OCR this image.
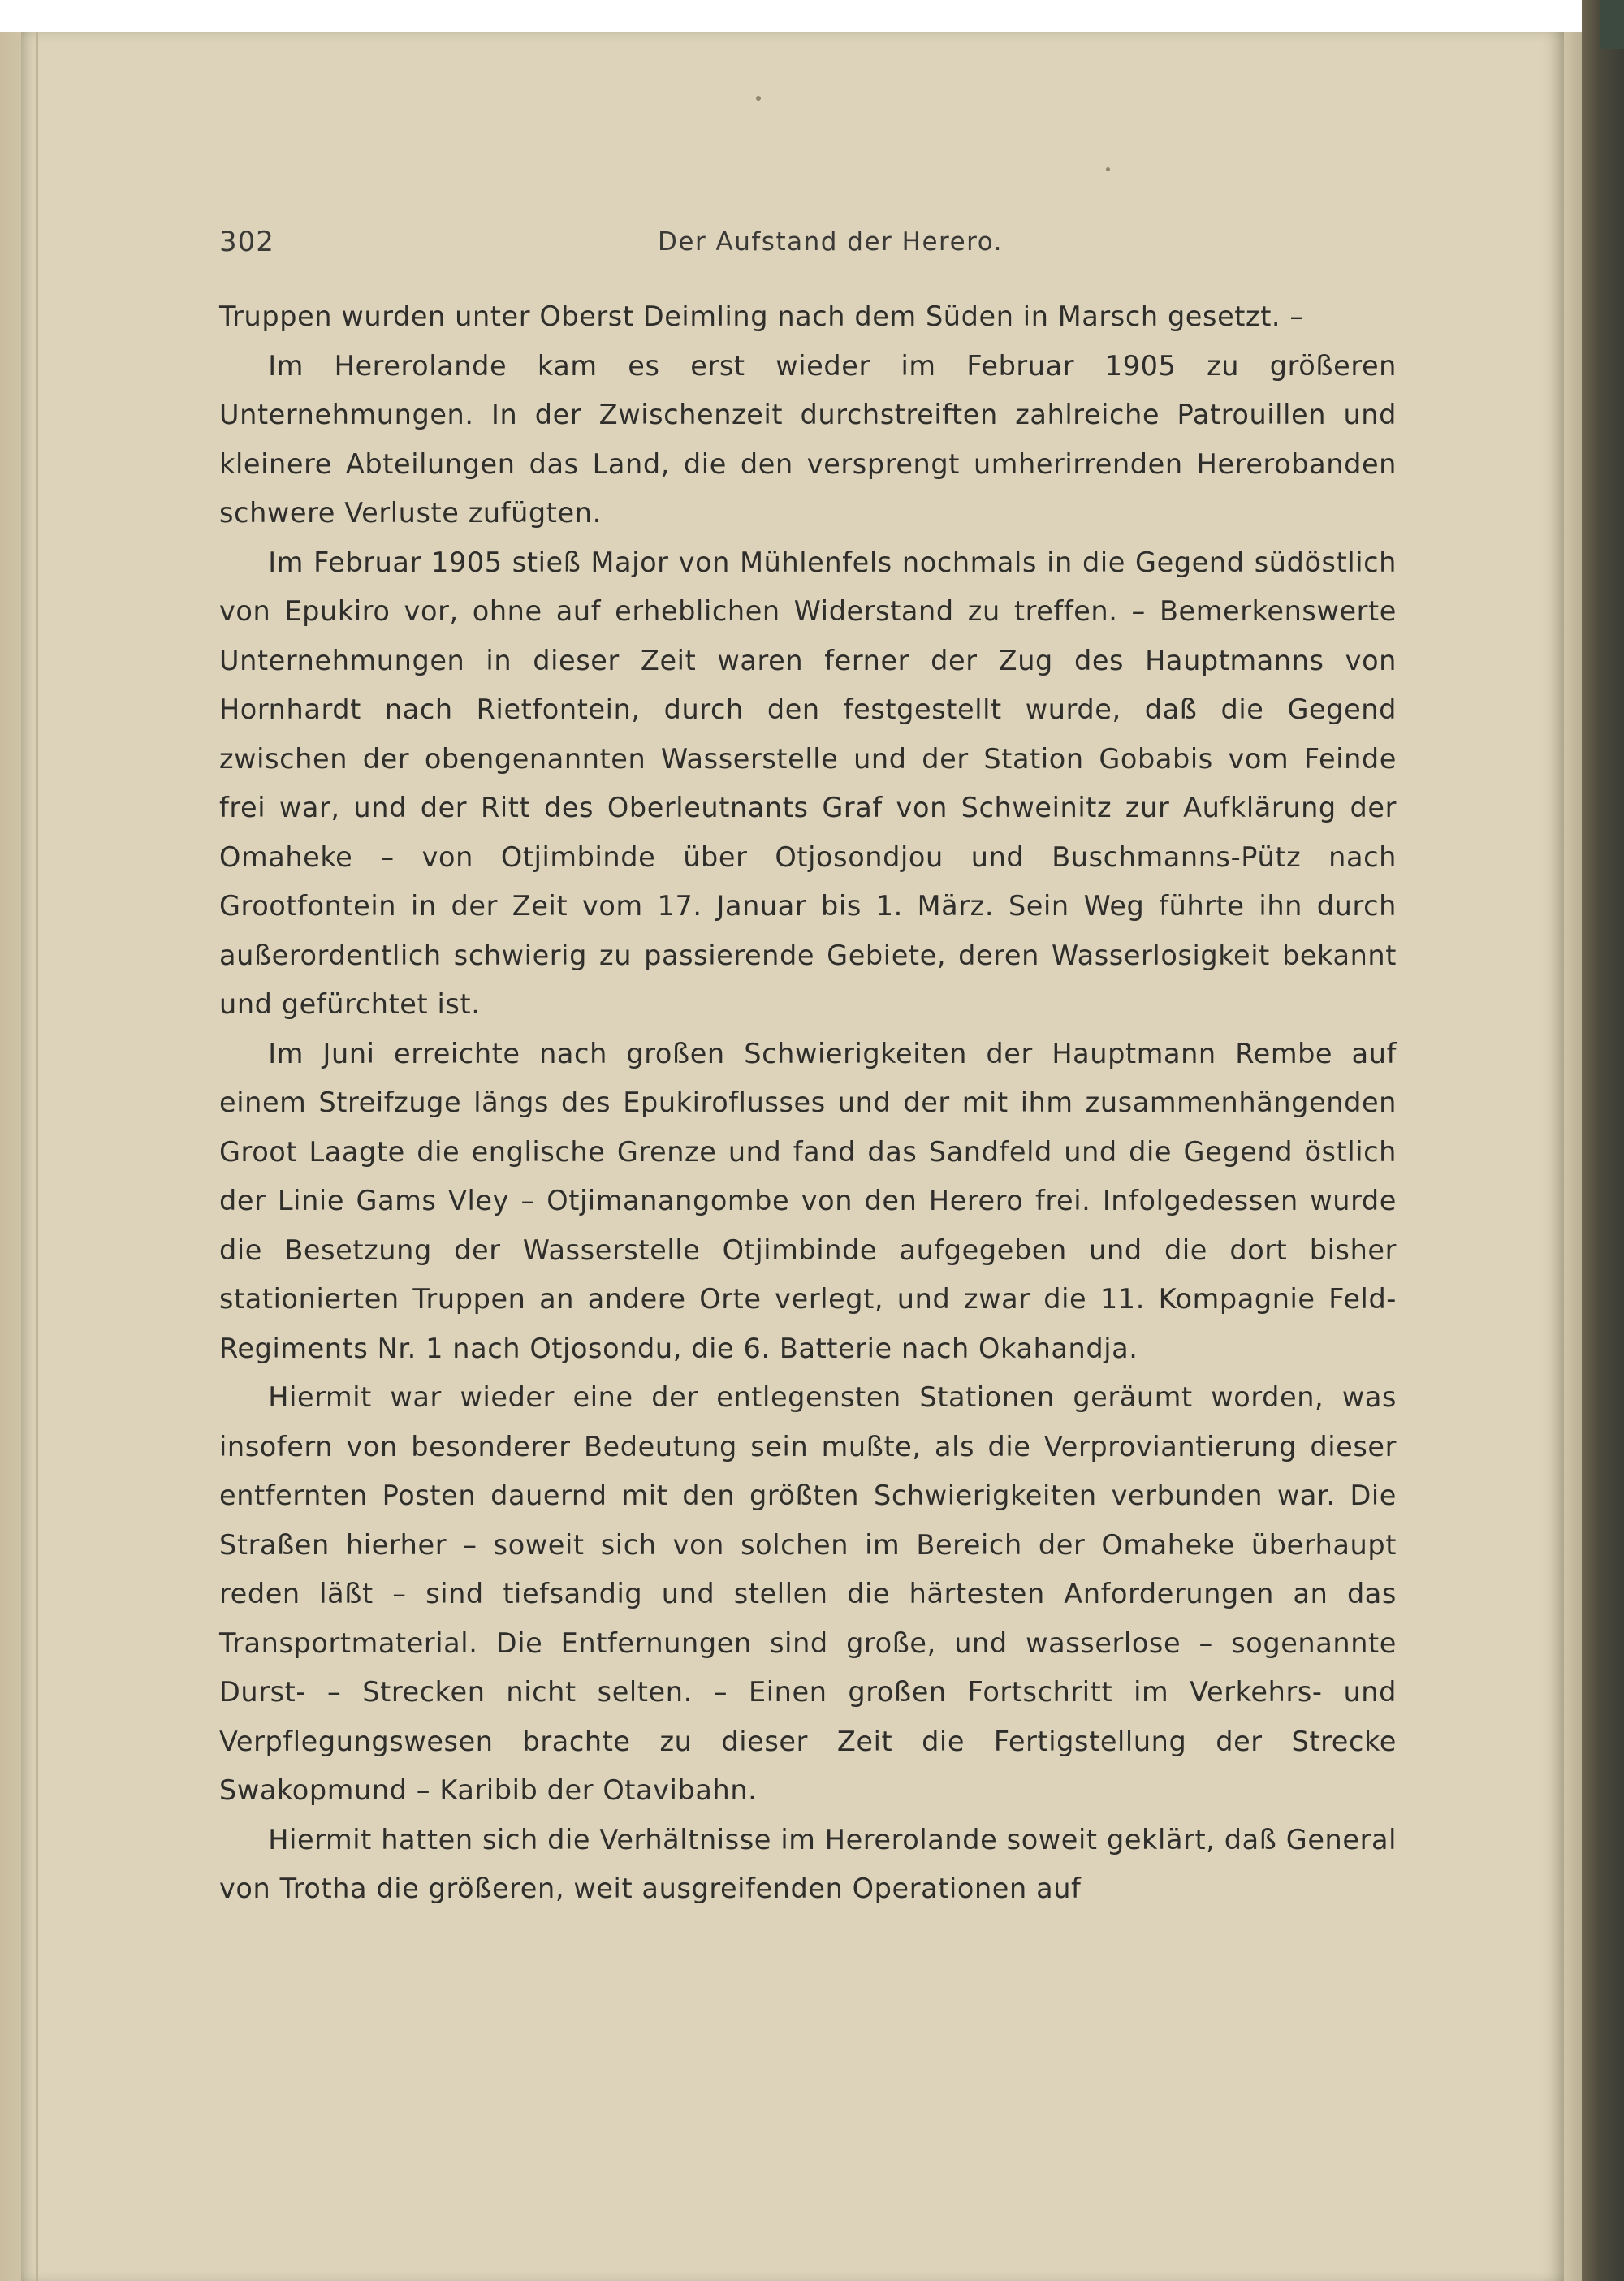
302	Der Aufstand der Herero.

Truppen wurden unter Oberst Deimling nach dem Süden in Marsch gesetzt. –

Im Hererolande kam es erst wieder im Februar 1905 zu größeren Unternehmungen. In der Zwischenzeit durchstreiften zahlreiche Patrouillen und kleinere Abteilungen das Land, die den versprengt umherirrenden Hererobanden schwere Verluste zufügten.

Im Februar 1905 stieß Major von Mühlenfels nochmals in die Gegend südöstlich von Epukiro vor, ohne auf erheblichen Widerstand zu treffen. – Bemerkenswerte Unternehmungen in dieser Zeit waren ferner der Zug des Hauptmanns von Hornhardt nach Rietfontein, durch den festgestellt wurde, daß die Gegend zwischen der obengenannten Wasserstelle und der Station Gobabis vom Feinde frei war, und der Ritt des Oberleutnants Graf von Schweinitz zur Aufklärung der Omaheke – von Otjimbinde über Otjosondjou und Buschmanns-Pütz nach Grootfontein in der Zeit vom 17. Januar bis 1. März. Sein Weg führte ihn durch außerordentlich schwierig zu passierende Gebiete, deren Wasserlosigkeit bekannt und gefürchtet ist.

Im Juni erreichte nach großen Schwierigkeiten der Hauptmann Rembe auf einem Streifzuge längs des Epukiroflusses und der mit ihm zusammenhängenden Groot Laagte die englische Grenze und fand das Sandfeld und die Gegend östlich der Linie Gams Vley – Otjimanangombe von den Herero frei. Infolgedessen wurde die Besetzung der Wasserstelle Otjimbinde aufgegeben und die dort bisher stationierten Truppen an andere Orte verlegt, und zwar die 11. Kompagnie Feld-Regiments Nr. 1 nach Otjosondu, die 6. Batterie nach Okahandja.

Hiermit war wieder eine der entlegensten Stationen geräumt worden, was insofern von besonderer Bedeutung sein mußte, als die Verproviantierung dieser entfernten Posten dauernd mit den größten Schwierigkeiten verbunden war. Die Straßen hierher – soweit sich von solchen im Bereich der Omaheke überhaupt reden läßt – sind tiefsandig und stellen die härtesten Anforderungen an das Transportmaterial. Die Entfernungen sind große, und wasserlose – sogenannte Durst- – Strecken nicht selten. – Einen großen Fortschritt im Verkehrs- und Verpflegungswesen brachte zu dieser Zeit die Fertigstellung der Strecke Swakopmund – Karibib der Otavibahn.

Hiermit hatten sich die Verhältnisse im Hererolande soweit geklärt, daß General von Trotha die größeren, weit ausgreifenden Operationen auf
